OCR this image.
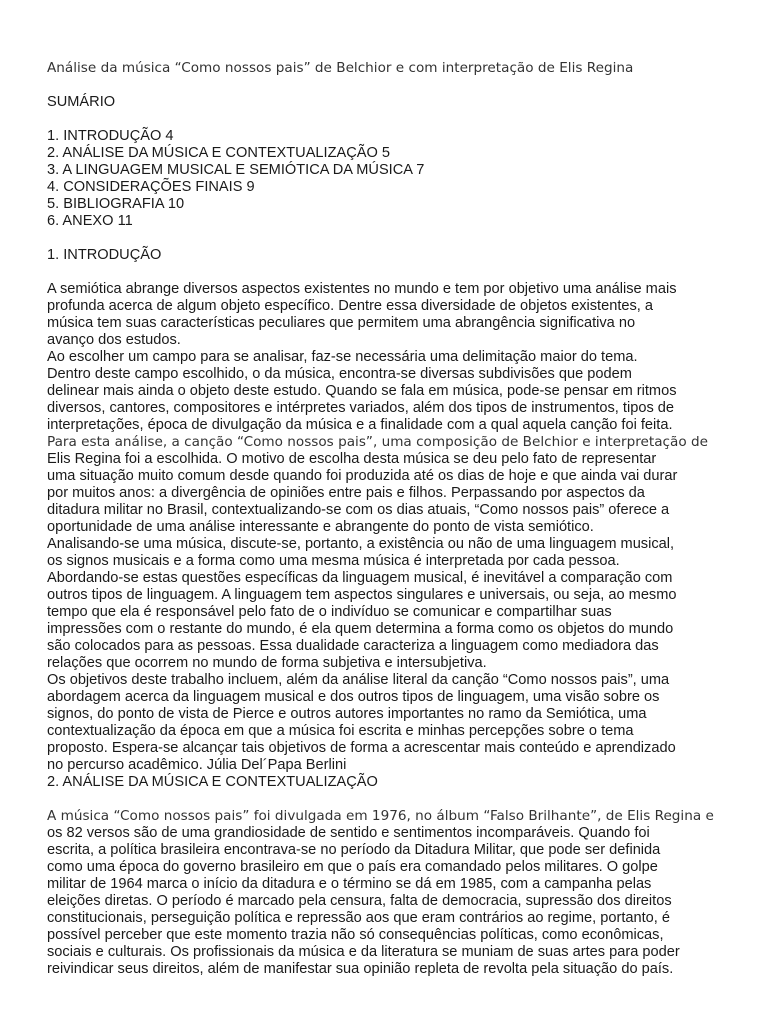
Análise da música “Como nossos pais” de Belchior e com interpretação de Elis Regina
SUMÁRIO
1. INTRODUÇÃO 4
2. ANÁLISE DA MÚSICA E CONTEXTUALIZAÇÃO 5
3. A LINGUAGEM MUSICAL E SEMIÓTICA DA MÚSICA 7
4. CONSIDERAÇÕES FINAIS 9
5. BIBLIOGRAFIA 10
6. ANEXO 11
1. INTRODUÇÃO
A semiótica abrange diversos aspectos existentes no mundo e tem por objetivo uma análise mais
profunda acerca de algum objeto específico. Dentre essa diversidade de objetos existentes, a
música tem suas características peculiares que permitem uma abrangência significativa no
avanço dos estudos.
Ao escolher um campo para se analisar, faz-se necessária uma delimitação maior do tema.
Dentro deste campo escolhido, o da música, encontra-se diversas subdivisões que podem
delinear mais ainda o objeto deste estudo. Quando se fala em música, pode-se pensar em ritmos
diversos, cantores, compositores e intérpretes variados, além dos tipos de instrumentos, tipos de
interpretações, época de divulgação da música e a finalidade com a qual aquela canção foi feita.
Para esta análise, a canção “Como nossos pais”, uma composição de Belchior e interpretação de
Elis Regina foi a escolhida. O motivo de escolha desta música se deu pelo fato de representar
uma situação muito comum desde quando foi produzida até os dias de hoje e que ainda vai durar
por muitos anos: a divergência de opiniões entre pais e filhos. Perpassando por aspectos da
ditadura militar no Brasil, contextualizando-se com os dias atuais, “Como nossos pais” oferece a
oportunidade de uma análise interessante e abrangente do ponto de vista semiótico.
Analisando-se uma música, discute-se, portanto, a existência ou não de uma linguagem musical,
os signos musicais e a forma como uma mesma música é interpretada por cada pessoa.
Abordando-se estas questões específicas da linguagem musical, é inevitável a comparação com
outros tipos de linguagem. A linguagem tem aspectos singulares e universais, ou seja, ao mesmo
tempo que ela é responsável pelo fato de o indivíduo se comunicar e compartilhar suas
impressões com o restante do mundo, é ela quem determina a forma como os objetos do mundo
são colocados para as pessoas. Essa dualidade caracteriza a linguagem como mediadora das
relações que ocorrem no mundo de forma subjetiva e intersubjetiva.
Os objetivos deste trabalho incluem, além da análise literal da canção “Como nossos pais”, uma
abordagem acerca da linguagem musical e dos outros tipos de linguagem, uma visão sobre os
signos, do ponto de vista de Pierce e outros autores importantes no ramo da Semiótica, uma
contextualização da época em que a música foi escrita e minhas percepções sobre o tema
proposto. Espera-se alcançar tais objetivos de forma a acrescentar mais conteúdo e aprendizado
no percurso acadêmico. Júlia Del´Papa Berlini
2. ANÁLISE DA MÚSICA E CONTEXTUALIZAÇÃO
A música “Como nossos pais” foi divulgada em 1976, no álbum “Falso Brilhante”, de Elis Regina e
os 82 versos são de uma grandiosidade de sentido e sentimentos incomparáveis. Quando foi
escrita, a política brasileira encontrava-se no período da Ditadura Militar, que pode ser definida
como uma época do governo brasileiro em que o país era comandado pelos militares. O golpe
militar de 1964 marca o início da ditadura e o término se dá em 1985, com a campanha pelas
eleições diretas. O período é marcado pela censura, falta de democracia, supressão dos direitos
constitucionais, perseguição política e repressão aos que eram contrários ao regime, portanto, é
possível perceber que este momento trazia não só consequências políticas, como econômicas,
sociais e culturais. Os profissionais da música e da literatura se muniam de suas artes para poder
reivindicar seus direitos, além de manifestar sua opinião repleta de revolta pela situação do país.
